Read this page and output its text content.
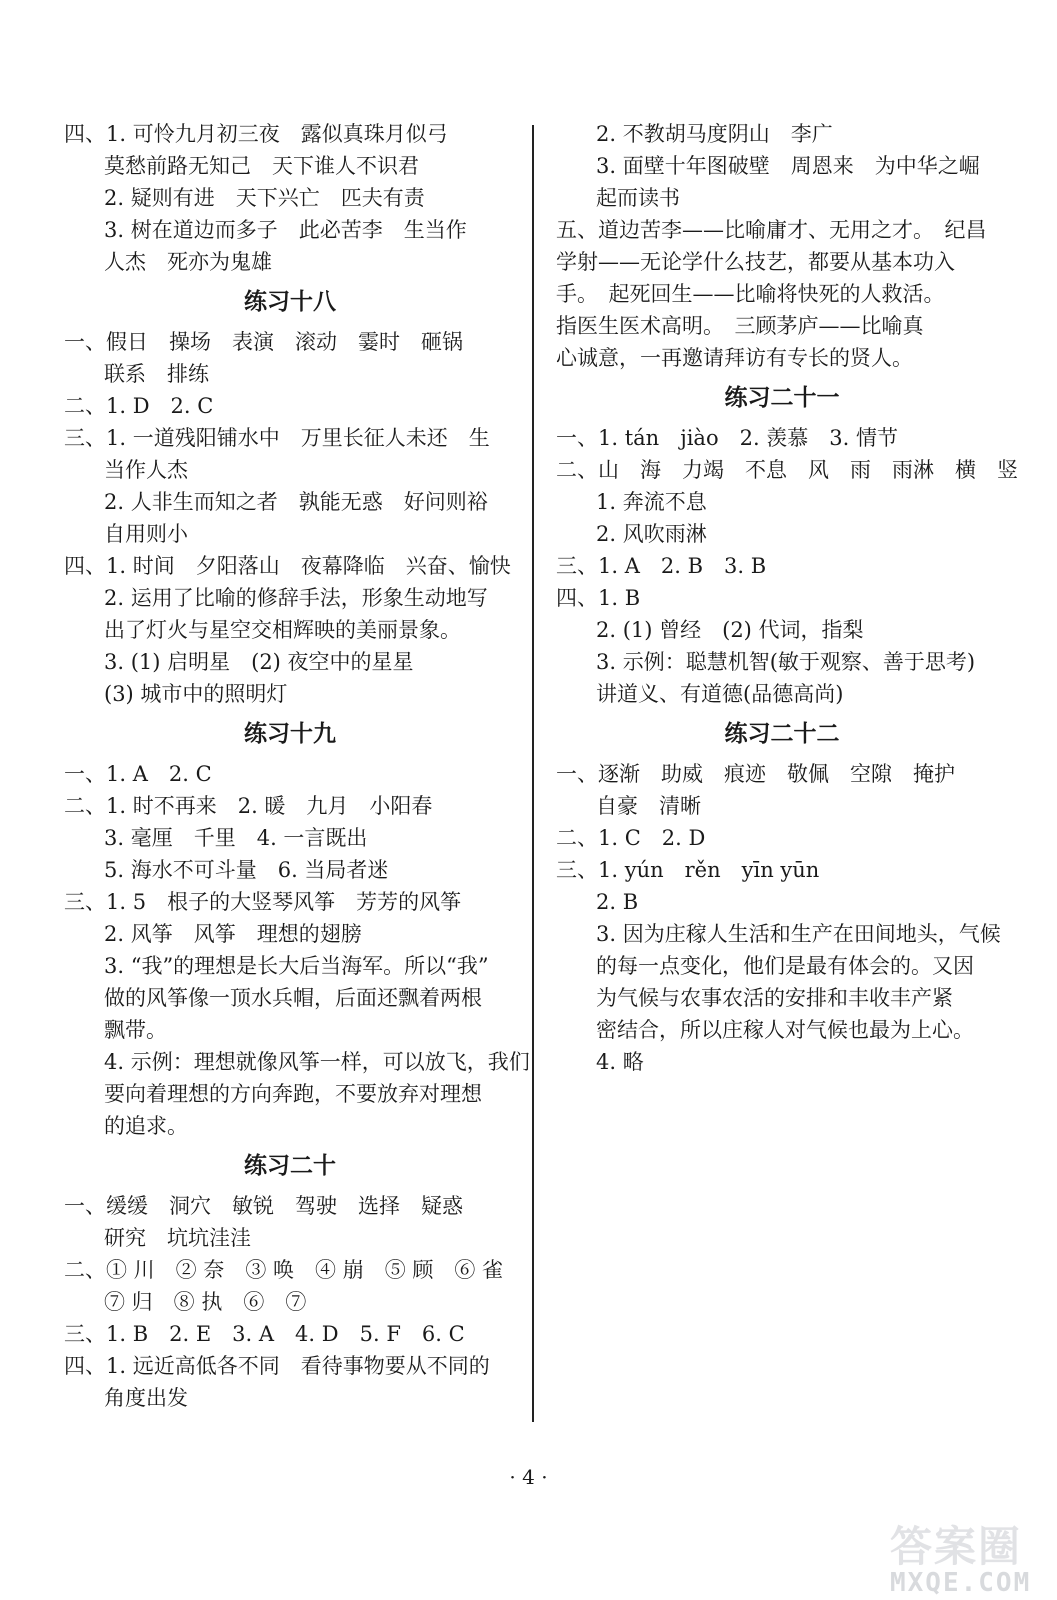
四、1. 可怜九月初三夜　露似真珠月似弓
莫愁前路无知己　天下谁人不识君
2. 疑则有进　天下兴亡　匹夫有责
3. 树在道边而多子　此必苦李　生当作
人杰　死亦为鬼雄
练习十八
一、假日　操场　表演　滚动　霎时　砸锅
联系　排练
二、1. D　2. C
三、1. 一道残阳铺水中　万里长征人未还　生
当作人杰
2. 人非生而知之者　孰能无惑　好问则裕
自用则小
四、1. 时间　夕阳落山　夜幕降临　兴奋、愉快
2. 运用了比喻的修辞手法，形象生动地写
出了灯火与星空交相辉映的美丽景象。
3. (1) 启明星　(2) 夜空中的星星
(3) 城市中的照明灯
练习十九
一、1. A　2. C
二、1. 时不再来　2. 暖　九月　小阳春
3. 毫厘　千里　4. 一言既出
5. 海水不可斗量　6. 当局者迷
三、1. 5　根子的大竖琴风筝　芳芳的风筝
2. 风筝　风筝　理想的翅膀
3. “我”的理想是长大后当海军。所以“我”
做的风筝像一顶水兵帽，后面还飘着两根
飘带。
4. 示例：理想就像风筝一样，可以放飞，我们
要向着理想的方向奔跑，不要放弃对理想
的追求。
练习二十
一、缓缓　洞穴　敏锐　驾驶　选择　疑惑
研究　坑坑洼洼
二、① 川　② 奈　③ 唤　④ 崩　⑤ 顾　⑥ 雀
⑦ 归　⑧ 执　⑥　⑦
三、1. B　2. E　3. A　4. D　5. F　6. C
四、1. 远近高低各不同　看待事物要从不同的
角度出发
2. 不教胡马度阴山　李广
3. 面壁十年图破壁　周恩来　为中华之崛
起而读书
五、道边苦李——比喻庸才、无用之才。　纪昌
学射——无论学什么技艺，都要从基本功入
手。　起死回生——比喻将快死的人救活。
指医生医术高明。　三顾茅庐——比喻真
心诚意，一再邀请拜访有专长的贤人。
练习二十一
一、1. tán　jiào　2. 羡慕　3. 情节
二、山　海　力竭　不息　风　雨　雨淋　横　竖
1. 奔流不息
2. 风吹雨淋
三、1. A　2. B　3. B
四、1. B
2. (1) 曾经　(2) 代词，指梨
3. 示例：聪慧机智(敏于观察、善于思考)
讲道义、有道德(品德高尚)
练习二十二
一、逐渐　助威　痕迹　敬佩　空隙　掩护
自豪　清晰
二、1. C　2. D
三、1. yún　rěn　yīn yūn
2. B
3. 因为庄稼人生活和生产在田间地头，气候
的每一点变化，他们是最有体会的。又因
为气候与农事农活的安排和丰收丰产紧
密结合，所以庄稼人对气候也最为上心。
4. 略
· 4 ·
答案圈
MXQE.COM
